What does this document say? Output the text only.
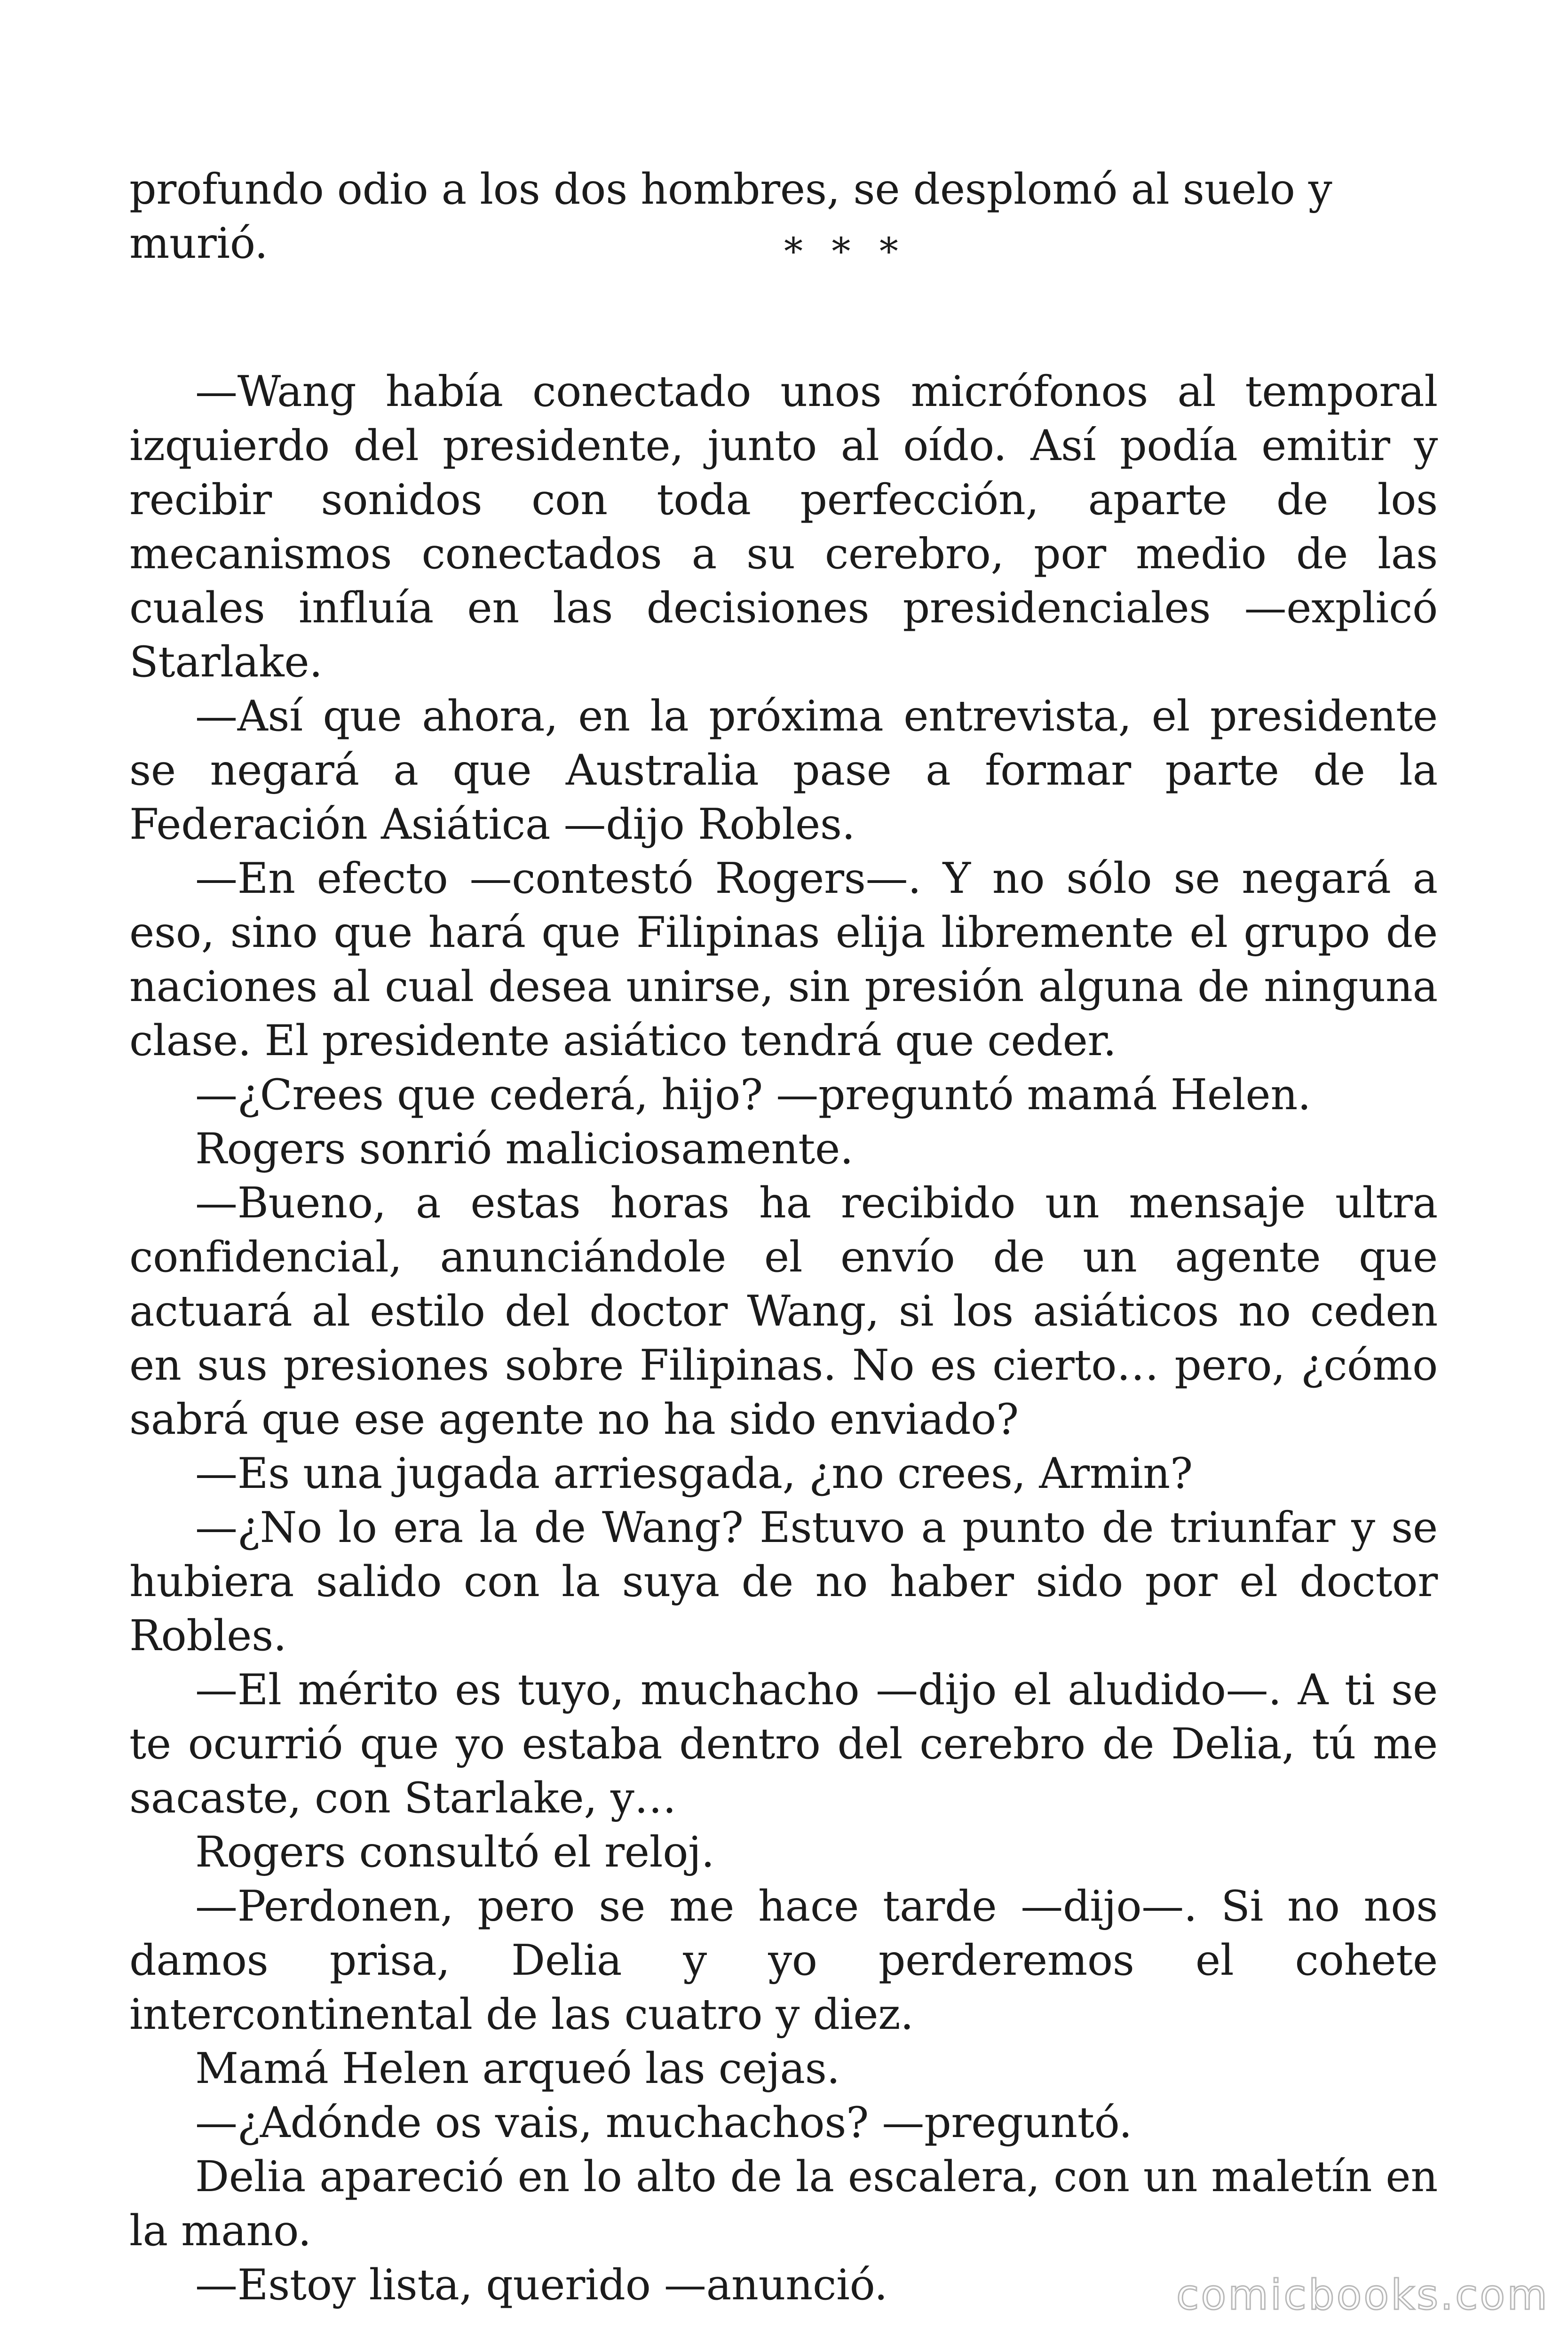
profundo odio a los dos hombres, se desplomó al suelo y murió.	* * *

—Wang había conectado unos micrófonos al temporal izquierdo del presidente, junto al oído. Así podía emitir y recibir sonidos con toda perfección, aparte de los mecanismos conectados a su cerebro, por medio de las cuales influía en las decisiones presidenciales —explicó Starlake.

—Así que ahora, en la próxima entrevista, el presidente se negará a que Australia pase a formar parte de la Federación Asiática —dijo Robles.

—En efecto —contestó Rogers—. Y no sólo se negará a eso, sino que hará que Filipinas elija libremente el grupo de naciones al cual desea unirse, sin presión alguna de ninguna clase. El presidente asiático tendrá que ceder.

—¿Crees que cederá, hijo? —preguntó mamá Helen.

Rogers sonrió maliciosamente.

—Bueno, a estas horas ha recibido un mensaje ultra confidencial, anunciándole el envío de un agente que actuará al estilo del doctor Wang, si los asiáticos no ceden en sus presiones sobre Filipinas. No es cierto… pero, ¿cómo sabrá que ese agente no ha sido enviado?

—Es una jugada arriesgada, ¿no crees, Armin?

—¿No lo era la de Wang? Estuvo a punto de triunfar y se hubiera salido con la suya de no haber sido por el doctor Robles.

—El mérito es tuyo, muchacho —dijo el aludido—. A ti se te ocurrió que yo estaba dentro del cerebro de Delia, tú me sacaste, con Starlake, y…

Rogers consultó el reloj.

—Perdonen, pero se me hace tarde —dijo—. Si no nos damos prisa, Delia y yo perderemos el cohete intercontinental de las cuatro y diez.

Mamá Helen arqueó las cejas.

—¿Adónde os vais, muchachos? —preguntó.

Delia apareció en lo alto de la escalera, con un maletín en la mano.

—Estoy lista, querido —anunció.	comicbooks.com
